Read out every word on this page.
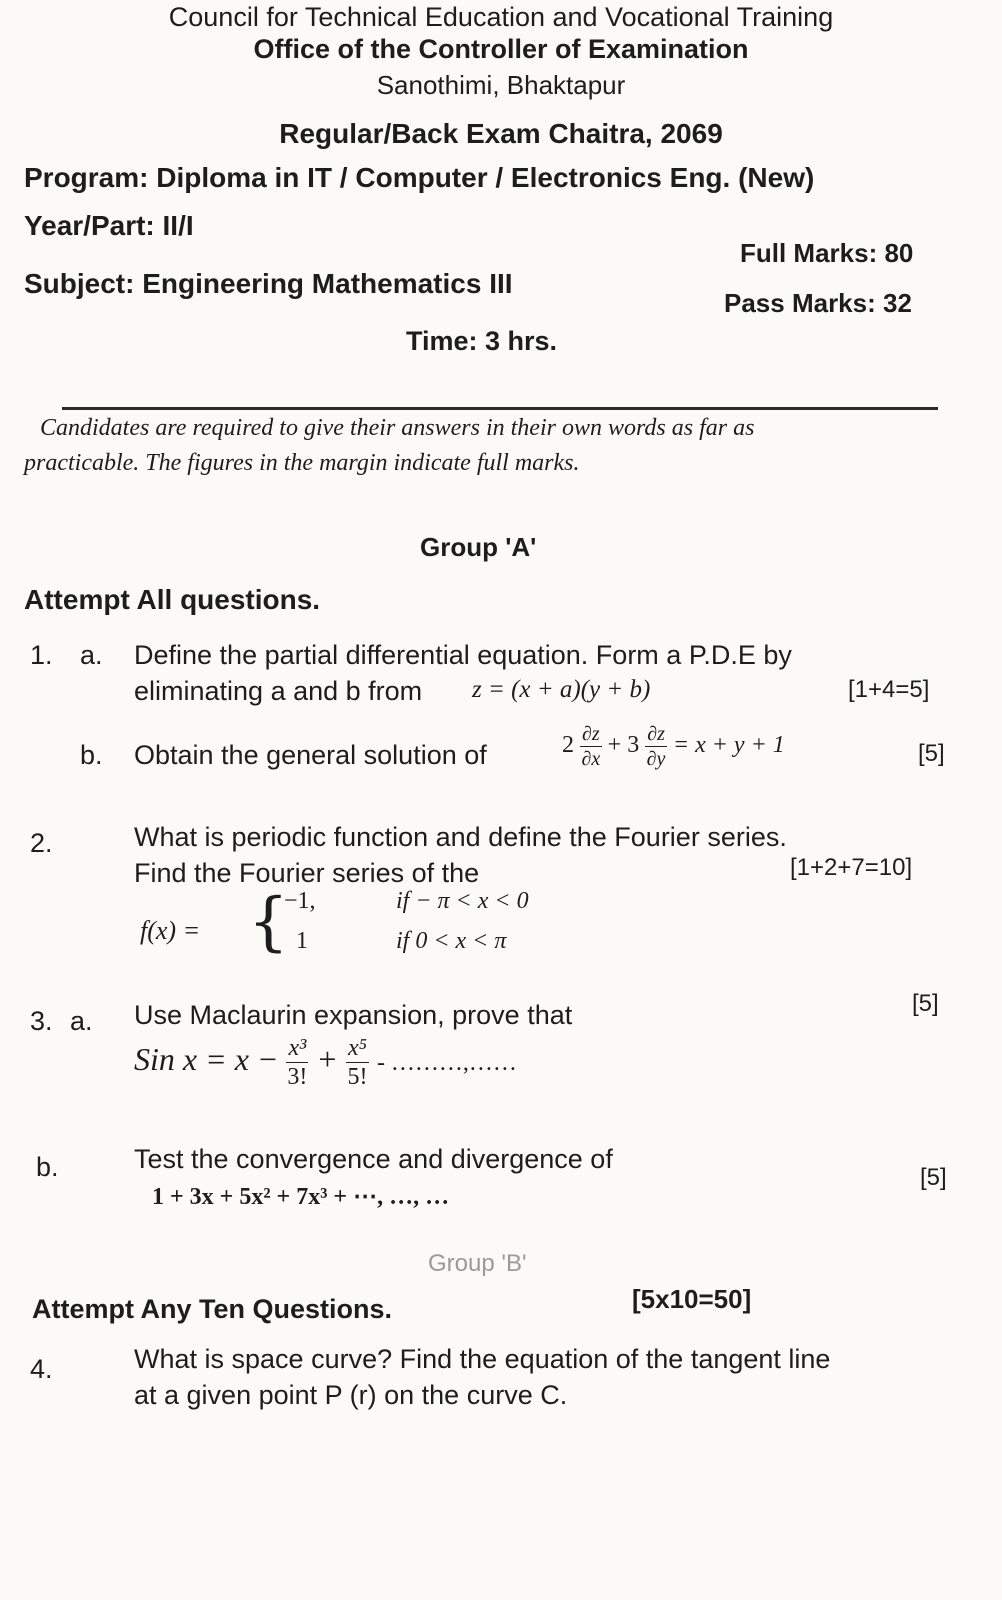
Council for Technical Education and Vocational Training
Office of the Controller of Examination
Sanothimi, Bhaktapur
Regular/Back Exam Chaitra, 2069
Program: Diploma in IT / Computer / Electronics Eng. (New)
Year/Part: II/I
Full Marks: 80
Subject: Engineering Mathematics III
Pass Marks: 32
Time: 3 hrs.
Candidates are required to give their answers in their own words as far as
practicable. The figures in the margin indicate full marks.
Group 'A'
Attempt All questions.
1. a. Define the partial differential equation. Form a P.D.E by
eliminating a and b from z = (x + a)(y + b)	[1+4=5]
b. Obtain the general solution of	$2 \frac{\partial z}{\partial x} + 3 \frac{\partial z}{\partial y} = x + y + 1$	[5]
2.	What is periodic function and define the Fourier series.
Find the Fourier series of the	[1+2+7=10]
f(x) = {
−1,	if − π < x < 0
1	if 0 < x < π
3. a. Use Maclaurin expansion, prove that	[5]
Sin $x = x - \frac{\text{x³}}{3!} + \frac{\text{x⁵}}{5!}$ - ………,……
b.	Test the convergence and divergence of
1 + 3x + 5x² + 7x³ + ⋯, …, …
[5]
Group 'B'
Attempt Any Ten Questions.	[5x10=50]
4.	What is space curve? Find the equation of the tangent line
at a given point P (r) on the curve C.
